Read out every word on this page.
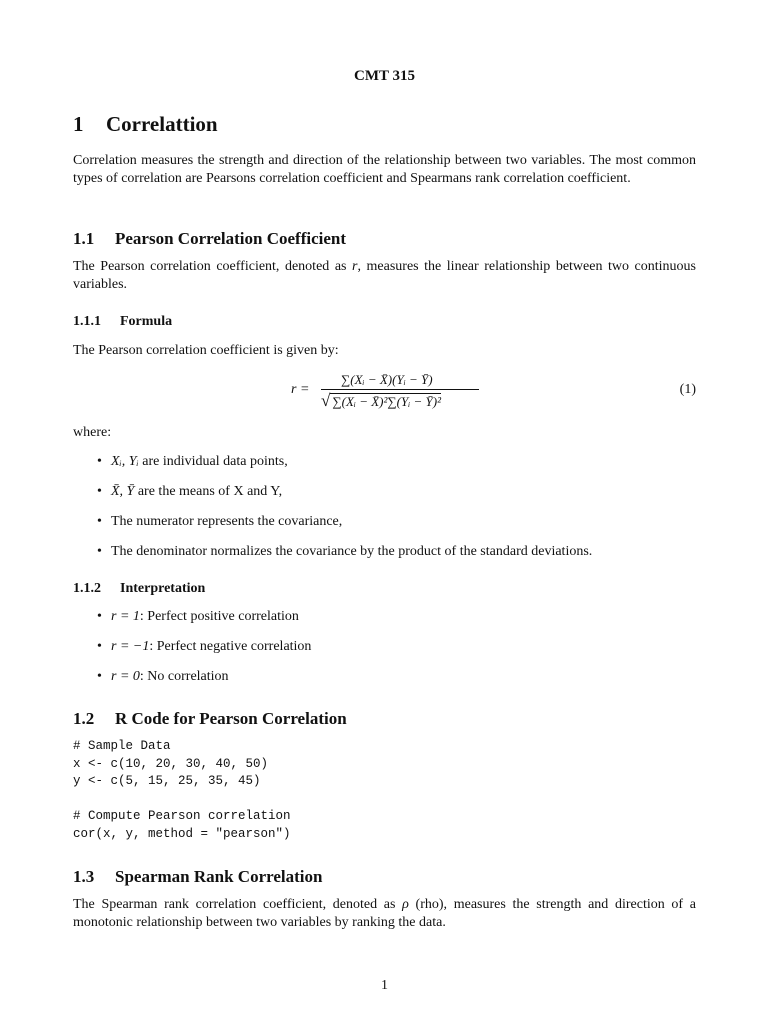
CMT 315
1 Correlattion

Correlation measures the strength and direction of the relationship between two variables. The most common types of correlation are Pearsons correlation coefficient and Spearmans rank correlation coefficient.

1.1 Pearson Correlation Coefficient

The Pearson correlation coefficient, denoted as r, measures the linear relationship between two continuous variables.

1.1.1 Formula

The Pearson correlation coefficient is given by:

r =
∑(Xᵢ − X̄)(Yᵢ − Ȳ)
√ ∑(Xᵢ − X̄)²∑(Yᵢ − Ȳ)²
(1)

where:

• Xᵢ, Yᵢ are individual data points,
• X̄, Ȳ are the means of X and Y,
• The numerator represents the covariance,
• The denominator normalizes the covariance by the product of the standard deviations.
1.1.2 Interpretation
• r = 1: Perfect positive correlation
• r = −1: Perfect negative correlation
• r = 0: No correlation
1.2 R Code for Pearson Correlation
# Sample Data
x <- c(10, 20, 30, 40, 50)
y <- c(5, 15, 25, 35, 45)

# Compute Pearson correlation
cor(x, y, method = "pearson")
1.3 Spearman Rank Correlation

The Spearman rank correlation coefficient, denoted as ρ (rho), measures the strength and direction of a monotonic relationship between two variables by ranking the data.

1
